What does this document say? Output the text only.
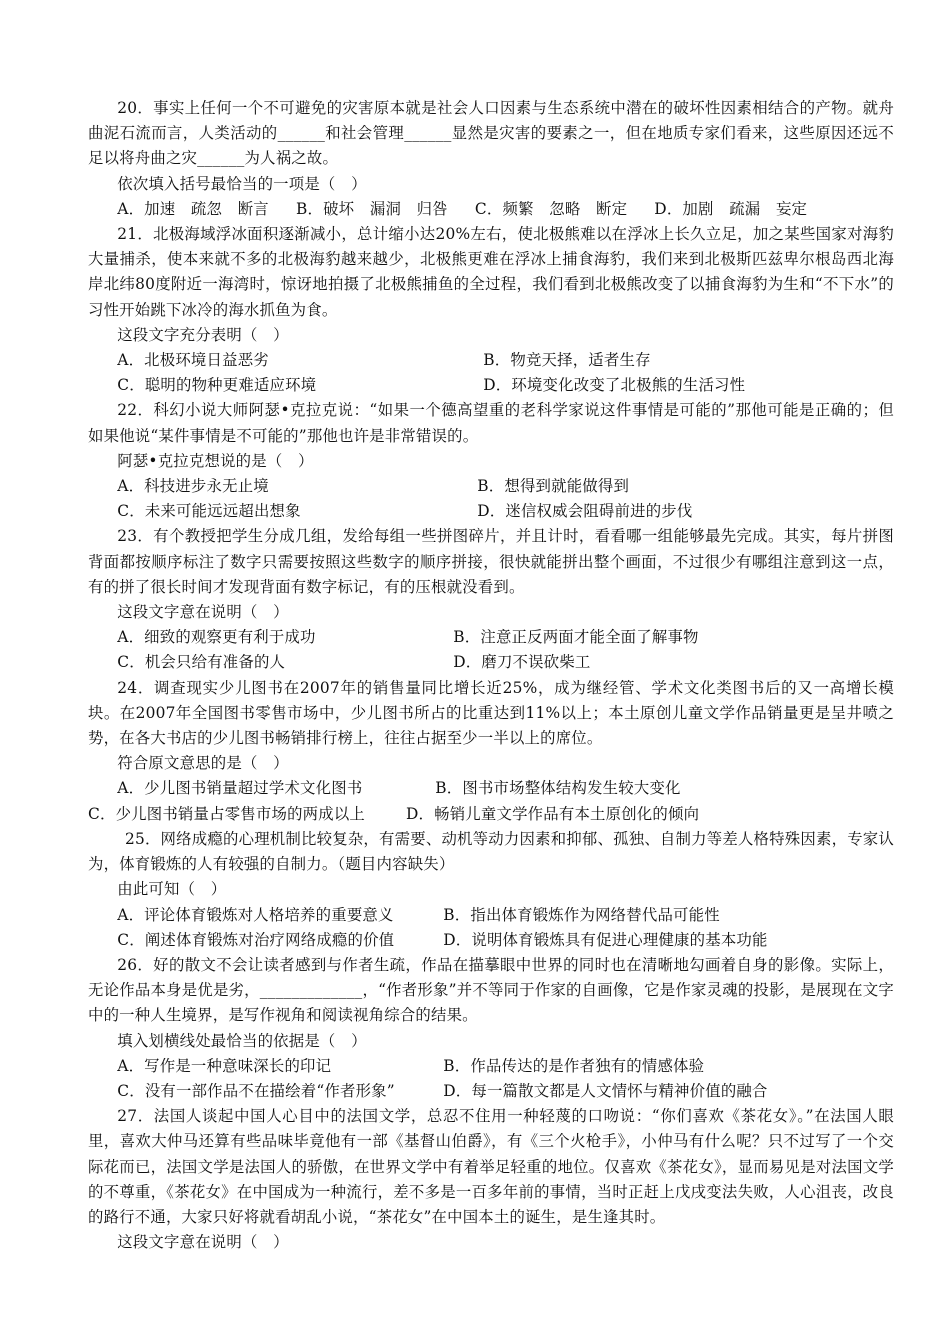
20．事实上任何一个不可避免的灾害原本就是社会人口因素与生态系统中潜在的破坏性因素相结合的产物。就舟曲泥石流而言，人类活动的______和社会管理______显然是灾害的要素之一，但在地质专家们看来，这些原因还远不足以将舟曲之灾______为人祸之故。

依次填入括号最恰当的一项是（　）

A．加速　疏忽　断言 B．破坏　漏洞　归咎 C．频繁　忽略　断定 D．加剧　疏漏　妄定

21．北极海域浮冰面积逐渐减小，总计缩小达20%左右，使北极熊难以在浮冰上长久立足，加之某些国家对海豹大量捕杀，使本来就不多的北极海豹越来越少，北极熊更难在浮冰上捕食海豹，我们来到北极斯匹兹卑尔根岛西北海岸北纬80度附近一海湾时，惊讶地拍摄了北极熊捕鱼的全过程，我们看到北极熊改变了以捕食海豹为生和“不下水”的习性开始跳下冰冷的海水抓鱼为食。

这段文字充分表明（　）

A．北极环境日益恶劣	B．物竞天择，适者生存
C．聪明的物种更难适应环境	D．环境变化改变了北极熊的生活习性

22．科幻小说大师阿瑟•克拉克说：“如果一个德高望重的老科学家说这件事情是可能的”那他可能是正确的；但如果他说“某件事情是不可能的”那他也许是非常错误的。

阿瑟•克拉克想说的是（　）

A．科技进步永无止境	B．想得到就能做得到
C．未来可能远远超出想象	D．迷信权威会阻碍前进的步伐

23．有个教授把学生分成几组，发给每组一些拼图碎片，并且计时，看看哪一组能够最先完成。其实，每片拼图背面都按顺序标注了数字只需要按照这些数字的顺序拼接，很快就能拼出整个画面，不过很少有哪组注意到这一点，有的拼了很长时间才发现背面有数字标记，有的压根就没看到。

这段文字意在说明（　）

A．细致的观察更有利于成功	B．注意正反两面才能全面了解事物
C．机会只给有准备的人	D．磨刀不误砍柴工

24．调查现实少儿图书在2007年的销售量同比增长近25%，成为继经管、学术文化类图书后的又一高增长模块。在2007年全国图书零售市场中，少儿图书所占的比重达到11%以上；本土原创儿童文学作品销量更是呈井喷之势，在各大书店的少儿图书畅销排行榜上，往往占据至少一半以上的席位。

符合原文意思的是（　）

A．少儿图书销量超过学术文化图书	B．图书市场整体结构发生较大变化
C．少儿图书销量占零售市场的两成以上	D．畅销儿童文学作品有本土原创化的倾向

25．网络成瘾的心理机制比较复杂，有需要、动机等动力因素和抑郁、孤独、自制力等差人格特殊因素，专家认为，体育锻炼的人有较强的自制力。（题目内容缺失）

由此可知（　）

A．评论体育锻炼对人格培养的重要意义	B．指出体育锻炼作为网络替代品可能性
C．阐述体育锻炼对治疗网络成瘾的价值	D．说明体育锻炼具有促进心理健康的基本功能

26．好的散文不会让读者感到与作者生疏，作品在描摹眼中世界的同时也在清晰地勾画着自身的影像。实际上，无论作品本身是优是劣，_____________，“作者形象”并不等同于作家的自画像，它是作家灵魂的投影，是展现在文字中的一种人生境界，是写作视角和阅读视角综合的结果。

填入划横线处最恰当的依据是（　）

A．写作是一种意味深长的印记	B．作品传达的是作者独有的情感体验
C．没有一部作品不在描绘着“作者形象”	D．每一篇散文都是人文情怀与精神价值的融合

27．法国人谈起中国人心目中的法国文学，总忍不住用一种轻蔑的口吻说：“你们喜欢《茶花女》。”在法国人眼里，喜欢大仲马还算有些品味毕竟他有一部《基督山伯爵》，有《三个火枪手》，小仲马有什么呢？只不过写了一个交际花而已，法国文学是法国人的骄傲，在世界文学中有着举足轻重的地位。仅喜欢《茶花女》，显而易见是对法国文学的不尊重，《茶花女》在中国成为一种流行，差不多是一百多年前的事情，当时正赶上戊戌变法失败，人心沮丧，改良的路行不通，大家只好将就看胡乱小说，“茶花女”在中国本土的诞生，是生逢其时。

这段文字意在说明（　）
